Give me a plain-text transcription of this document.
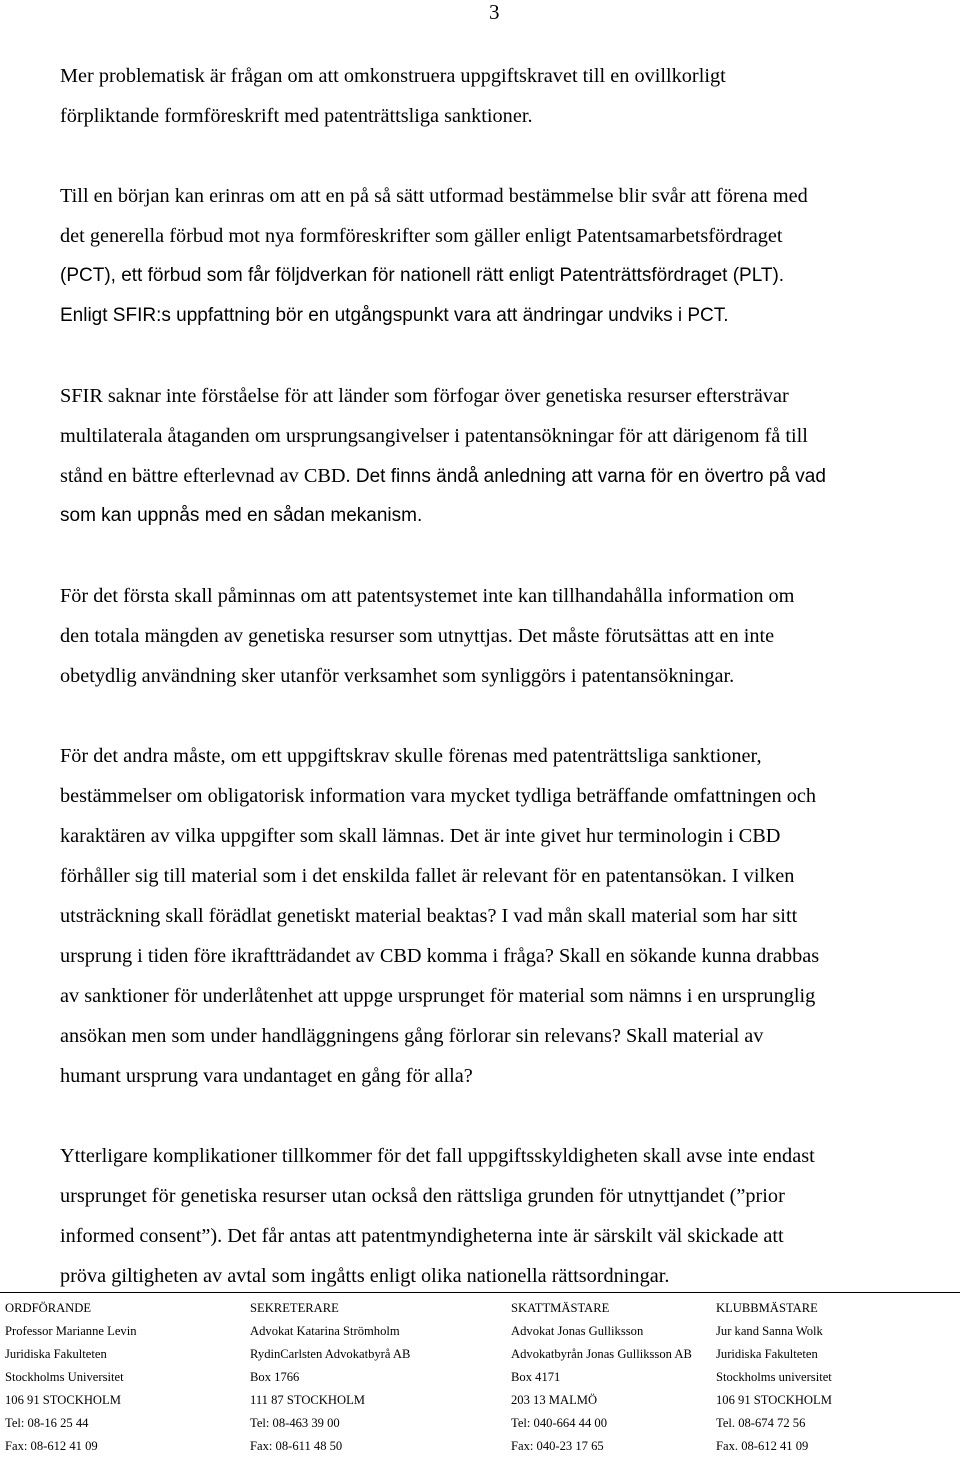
3

Mer problematisk är frågan om att omkonstruera uppgiftskravet till en ovillkorligt
förpliktande formföreskrift med patenträttsliga sanktioner.

Till en början kan erinras om att en på så sätt utformad bestämmelse blir svår att förena med
det generella förbud mot nya formföreskrifter som gäller enligt Patentsamarbetsfördraget
(PCT), ett förbud som får följdverkan för nationell rätt enligt Patenträttsfördraget (PLT).
Enligt SFIR:s uppfattning bör en utgångspunkt vara att ändringar undviks i PCT.

SFIR saknar inte förståelse för att länder som förfogar över genetiska resurser eftersträvar
multilaterala åtaganden om ursprungsangivelser i patentansökningar för att därigenom få till
stånd en bättre efterlevnad av CBD. Det finns ändå anledning att varna för en övertro på vad
som kan uppnås med en sådan mekanism.

För det första skall påminnas om att patentsystemet inte kan tillhandahålla information om
den totala mängden av genetiska resurser som utnyttjas. Det måste förutsättas att en inte
obetydlig användning sker utanför verksamhet som synliggörs i patentansökningar.

För det andra måste, om ett uppgiftskrav skulle förenas med patenträttsliga sanktioner,
bestämmelser om obligatorisk information vara mycket tydliga beträffande omfattningen och
karaktären av vilka uppgifter som skall lämnas. Det är inte givet hur terminologin i CBD
förhåller sig till material som i det enskilda fallet är relevant för en patentansökan. I vilken
utsträckning skall förädlat genetiskt material beaktas? I vad mån skall material som har sitt
ursprung i tiden före ikraftträdandet av CBD komma i fråga? Skall en sökande kunna drabbas
av sanktioner för underlåtenhet att uppge ursprunget för material som nämns i en ursprunglig
ansökan men som under handläggningens gång förlorar sin relevans? Skall material av
humant ursprung vara undantaget en gång för alla?

Ytterligare komplikationer tillkommer för det fall uppgiftsskyldigheten skall avse inte endast
ursprunget för genetiska resurser utan också den rättsliga grunden för utnyttjandet (”prior
informed consent”). Det får antas att patentmyndigheterna inte är särskilt väl skickade att
pröva giltigheten av avtal som ingåtts enligt olika nationella rättsordningar.

ORDFÖRANDE
Professor Marianne Levin
Juridiska Fakulteten
Stockholms Universitet
106 91 STOCKHOLM
Tel: 08-16 25 44
Fax: 08-612 41 09
SEKRETERARE
Advokat Katarina Strömholm
RydinCarlsten Advokatbyrå AB
Box 1766
111 87 STOCKHOLM
Tel: 08-463 39 00
Fax: 08-611 48 50
SKATTMÄSTARE
Advokat Jonas Gulliksson
Advokatbyrån Jonas Gulliksson AB
Box 4171
203 13 MALMÖ
Tel: 040-664 44 00
Fax: 040-23 17 65
KLUBBMÄSTARE
Jur kand Sanna Wolk
Juridiska Fakulteten
Stockholms universitet
106 91 STOCKHOLM
Tel. 08-674 72 56
Fax. 08-612 41 09
